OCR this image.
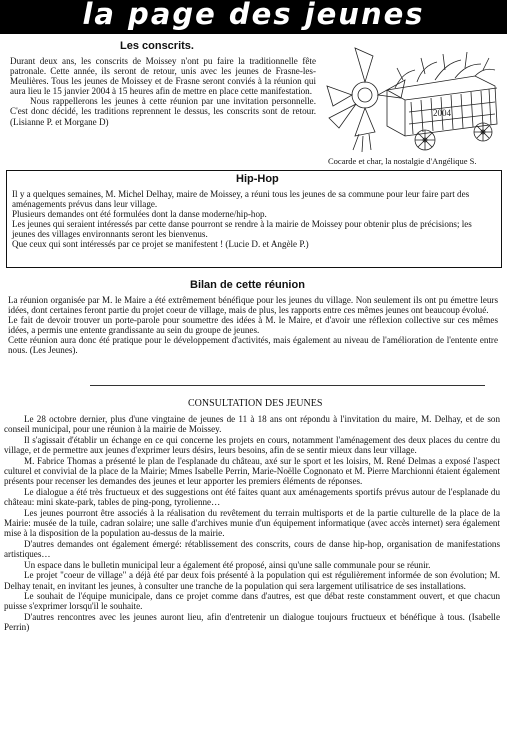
la page des jeunes
Les conscrits.

Durant deux ans, les conscrits de Moissey n'ont pu faire la traditionnelle fête patronale. Cette année, ils seront de retour, unis avec les jeunes de Frasne-les-Meulières. Tous les jeunes de Moissey et de Frasne seront conviés à la réunion qui aura lieu le 15 janvier 2004 à 15 heures afin de mettre en place cette manifestation.

Nous rappellerons les jeunes à cette réunion par une invitation personnelle. C'est donc décidé, les traditions reprennent le dessus, les conscrits sont de retour. (Lisianne P. et Morgane D)

2004
Cocarde et char, la nostalgie d'Angélique S.
Hip-Hop

Il y a quelques semaines, M. Michel Delhay, maire de Moissey, a réuni tous les jeunes de sa commune pour leur faire part des aménagements prévus dans leur village.

Plusieurs demandes ont été formulées dont la danse moderne/hip-hop.

Les jeunes qui seraient intéressés par cette danse pourront se rendre à la mairie de Moissey pour obtenir plus de précisions; les jeunes des villages environnants seront les bienvenus.

Que ceux qui sont intéressés par ce projet se manifestent ! (Lucie D. et Angèle P.)

Bilan de cette réunion

La réunion organisée par M. le Maire a été extrêmement bénéfique pour les jeunes du village. Non seulement ils ont pu émettre leurs idées, dont certaines feront partie du projet coeur de village, mais de plus, les rapports entre ces mêmes jeunes ont beaucoup évolué.

Le fait de devoir trouver un porte-parole pour soumettre des idées à M. le Maire, et d'avoir une réflexion collective sur ces mêmes idées, a permis une entente grandissante au sein du groupe de jeunes.

Cette réunion aura donc été pratique pour le développement d'activités, mais également au niveau de l'amélioration de l'entente entre nous. (Les Jeunes).

CONSULTATION DES JEUNES

Le 28 octobre dernier, plus d'une vingtaine de jeunes de 11 à 18 ans ont répondu à l'invitation du maire, M. Delhay, et de son conseil municipal, pour une réunion à la mairie de Moissey.

Il s'agissait d'établir un échange en ce qui concerne les projets en cours, notamment l'aménagement des deux places du centre du village, et de permettre aux jeunes d'exprimer leurs désirs, leurs besoins, afin de se sentir mieux dans leur village.

M. Fabrice Thomas a présenté le plan de l'esplanade du château, axé sur le sport et les loisirs, M. René Delmas a exposé l'aspect culturel et convivial de la place de la Mairie; Mmes Isabelle Perrin, Marie-Noëlle Cognonato et M. Pierre Marchionni étaient également présents pour recenser les demandes des jeunes et leur apporter les premiers éléments de réponses.

Le dialogue a été très fructueux et des suggestions ont été faites quant aux aménagements sportifs prévus autour de l'esplanade du château: mini skate-park, tables de ping-pong, tyrolienne…

Les jeunes pourront être associés à la réalisation du revêtement du terrain multisports et de la partie culturelle de la place de la Mairie: musée de la tuile, cadran solaire; une salle d'archives munie d'un équipement informatique (avec accès internet) sera également mise à la disposition de la population au-dessus de la mairie.

D'autres demandes ont également émergé: rétablissement des conscrits, cours de danse hip-hop, organisation de manifestations artistiques…

Un espace dans le bulletin municipal leur a également été proposé, ainsi qu'une salle communale pour se réunir.

Le projet "coeur de village" a déjà été par deux fois présenté à la population qui est régulièrement informée de son évolution; M. Delhay tenait, en invitant les jeunes, à consulter une tranche de la population qui sera largement utilisatrice de ses installations.

Le souhait de l'équipe municipale, dans ce projet comme dans d'autres, est que débat reste constamment ouvert, et que chacun puisse s'exprimer lorsqu'il le souhaite.

D'autres rencontres avec les jeunes auront lieu, afin d'entretenir un dialogue toujours fructueux et bénéfique à tous. (Isabelle Perrin)
